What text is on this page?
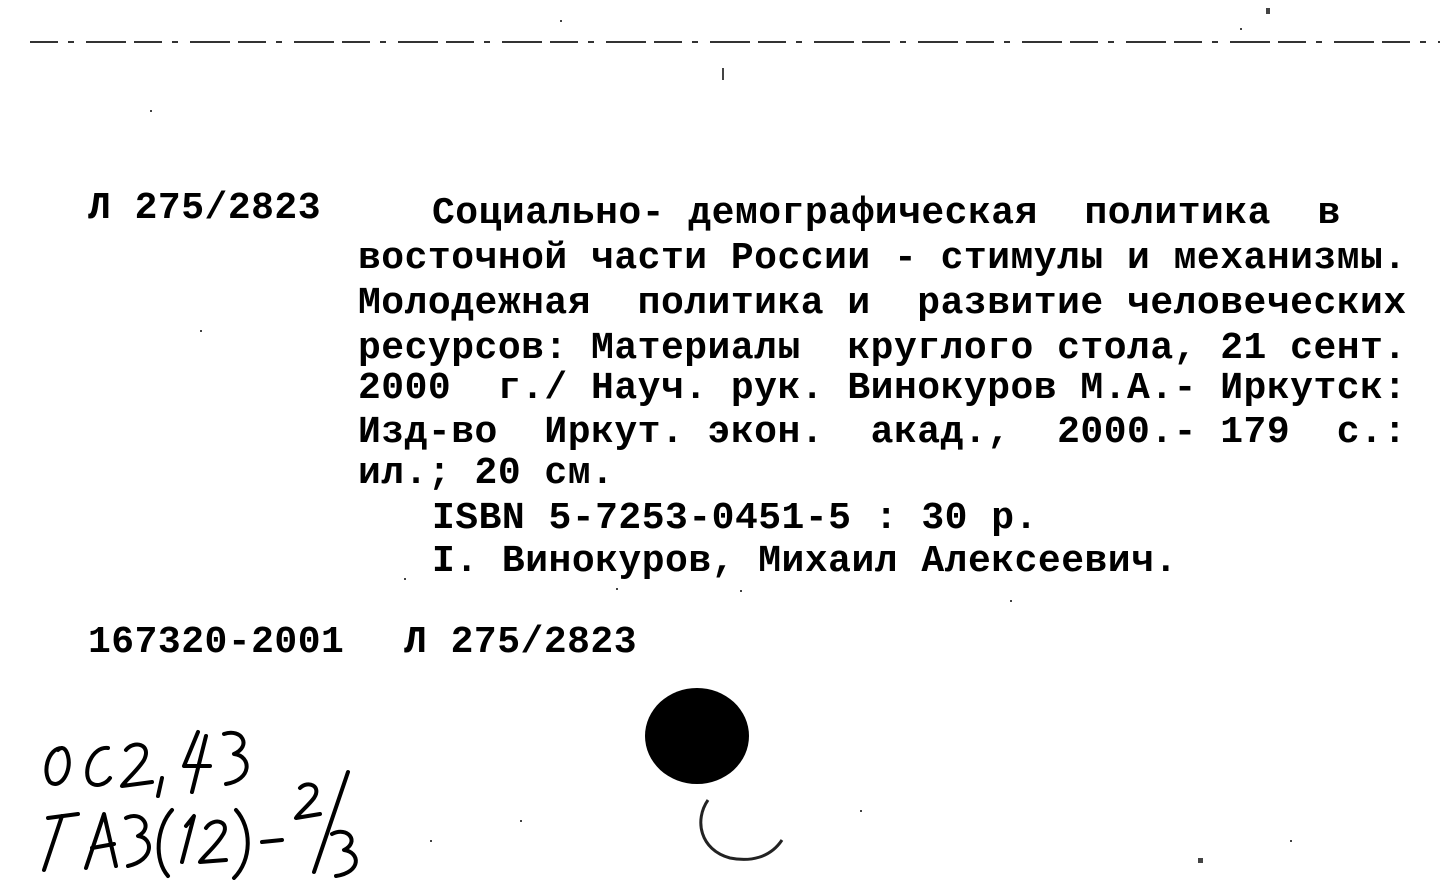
Л 275/2823	Социально- демографическая  политика  в
восточной части России - стимулы и механизмы.
Молодежная  политика и  развитие человеческих
ресурсов: Материалы  круглого стола, 21 сент.
2000  г./ Науч. рук. Винокуров М.А.- Иркутск:
Изд-во  Иркут. экон.  акад.,  2000.- 179  с.:
ил.; 20 см.
ISBN 5-7253-0451-5 : 30 р.
I. Винокуров, Михаил Алексеевич.
167320-2001 Л 275/2823
